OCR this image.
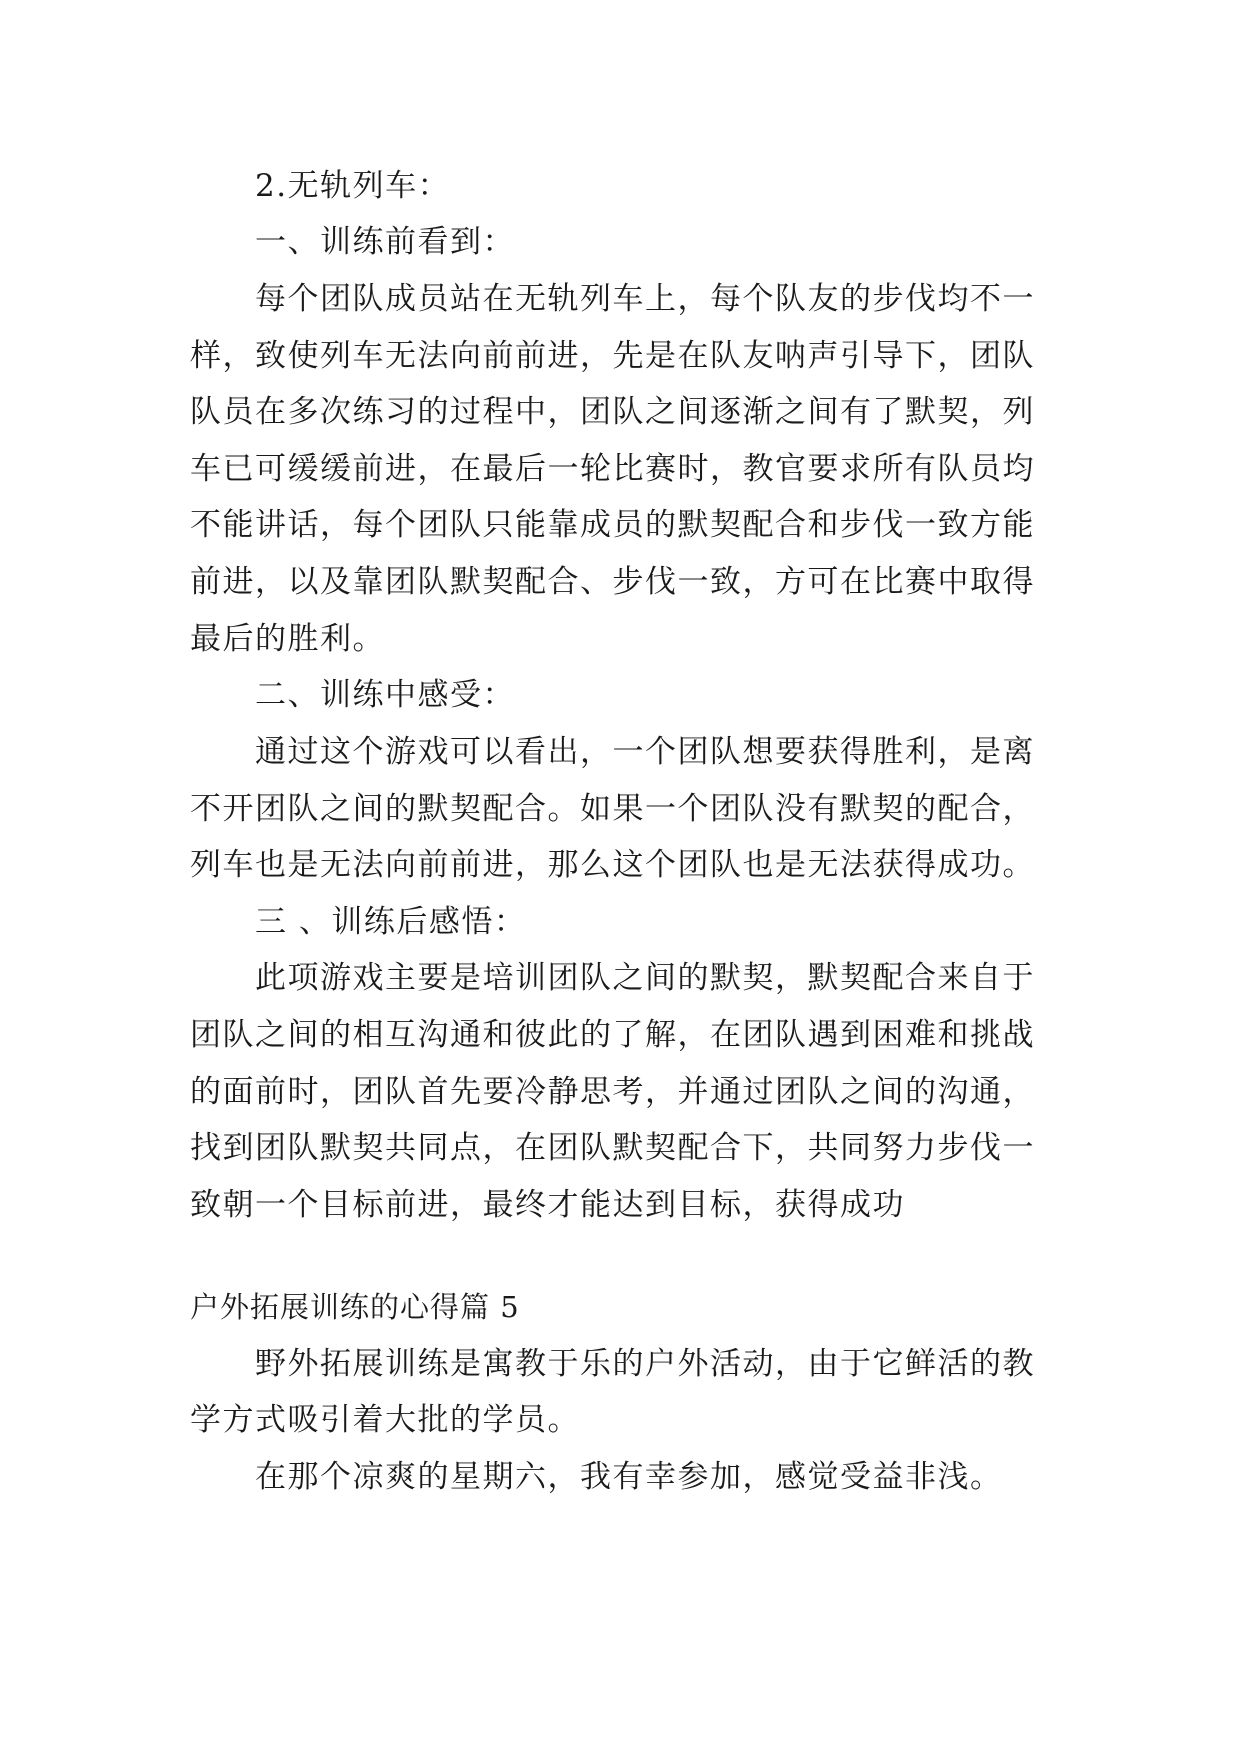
2.无轨列车：
一、训练前看到：
每个团队成员站在无轨列车上，每个队友的步伐均不一
样，致使列车无法向前前进，先是在队友呐声引导下，团队
队员在多次练习的过程中，团队之间逐渐之间有了默契，列
车已可缓缓前进，在最后一轮比赛时，教官要求所有队员均
不能讲话，每个团队只能靠成员的默契配合和步伐一致方能
前进，以及靠团队默契配合、步伐一致，方可在比赛中取得
最后的胜利。
二、训练中感受：
通过这个游戏可以看出，一个团队想要获得胜利，是离
不开团队之间的默契配合。如果一个团队没有默契的配合，
列车也是无法向前前进，那么这个团队也是无法获得成功。
三 、训练后感悟：
此项游戏主要是培训团队之间的默契，默契配合来自于
团队之间的相互沟通和彼此的了解，在团队遇到困难和挑战
的面前时，团队首先要冷静思考，并通过团队之间的沟通，
找到团队默契共同点，在团队默契配合下，共同努力步伐一
致朝一个目标前进，最终才能达到目标，获得成功
户外拓展训练的心得篇 5
野外拓展训练是寓教于乐的户外活动，由于它鲜活的教
学方式吸引着大批的学员。
在那个凉爽的星期六，我有幸参加，感觉受益非浅。
